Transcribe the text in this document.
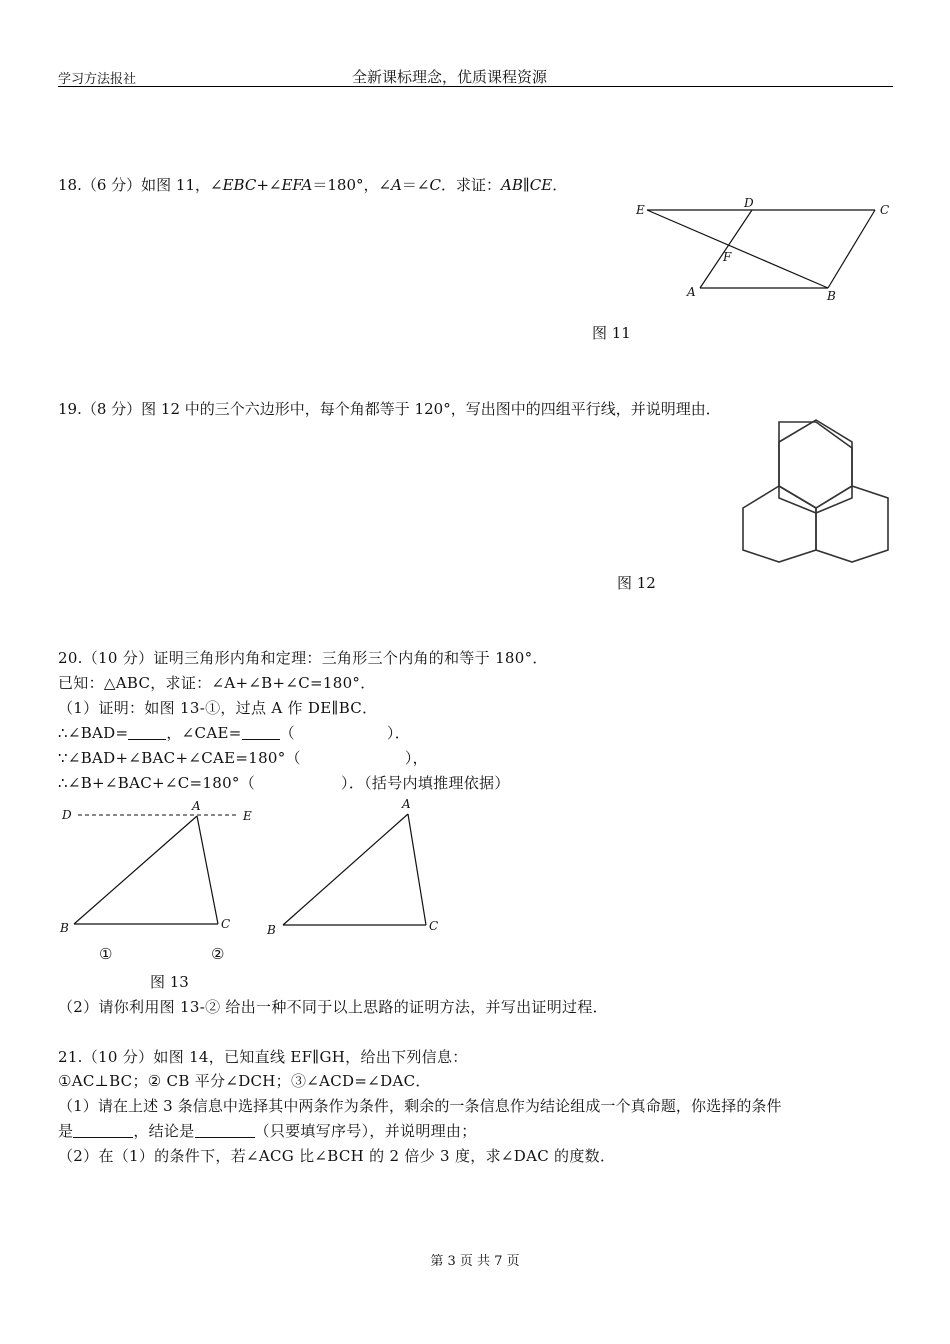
学习方法报社	全新课标理念，优质课程资源
18.（6 分）如图 11，∠EBC+∠EFA＝180°，∠A＝∠C．求证：AB∥CE．
E	D	C
F
A	B
图 11
19.（8 分）图 12 中的三个六边形中，每个角都等于 120°，写出图中的四组平行线，并说明理由．
图 12
20.（10 分）证明三角形内角和定理：三角形三个内角的和等于 180°．
已知：△ABC，求证：∠A+∠B+∠C=180°．
（1）证明：如图 13-①，过点 A 作 DE∥BC．
∴∠BAD=	，∠CAE=	（	）．
∵∠BAD+∠BAC+∠CAE=180°（	），
∴∠B+∠BAC+∠C=180°（	）．（括号内填推理依据）
D
A
E
B	C
A
B	C
①	②
图 13
（2）请你利用图 13-② 给出一种不同于以上思路的证明方法，并写出证明过程．
21.（10 分）如图 14，已知直线 EF∥GH，给出下列信息：
①AC⊥BC；② CB 平分∠DCH；③∠ACD=∠DAC．
（1）请在上述 3 条信息中选择其中两条作为条件，剩余的一条信息作为结论组成一个真命题，你选择的条件
是	，结论是	（只要填写序号），并说明理由；
（2）在（1）的条件下，若∠ACG 比∠BCH 的 2 倍少 3 度，求∠DAC 的度数．
第 3 页 共 7 页
